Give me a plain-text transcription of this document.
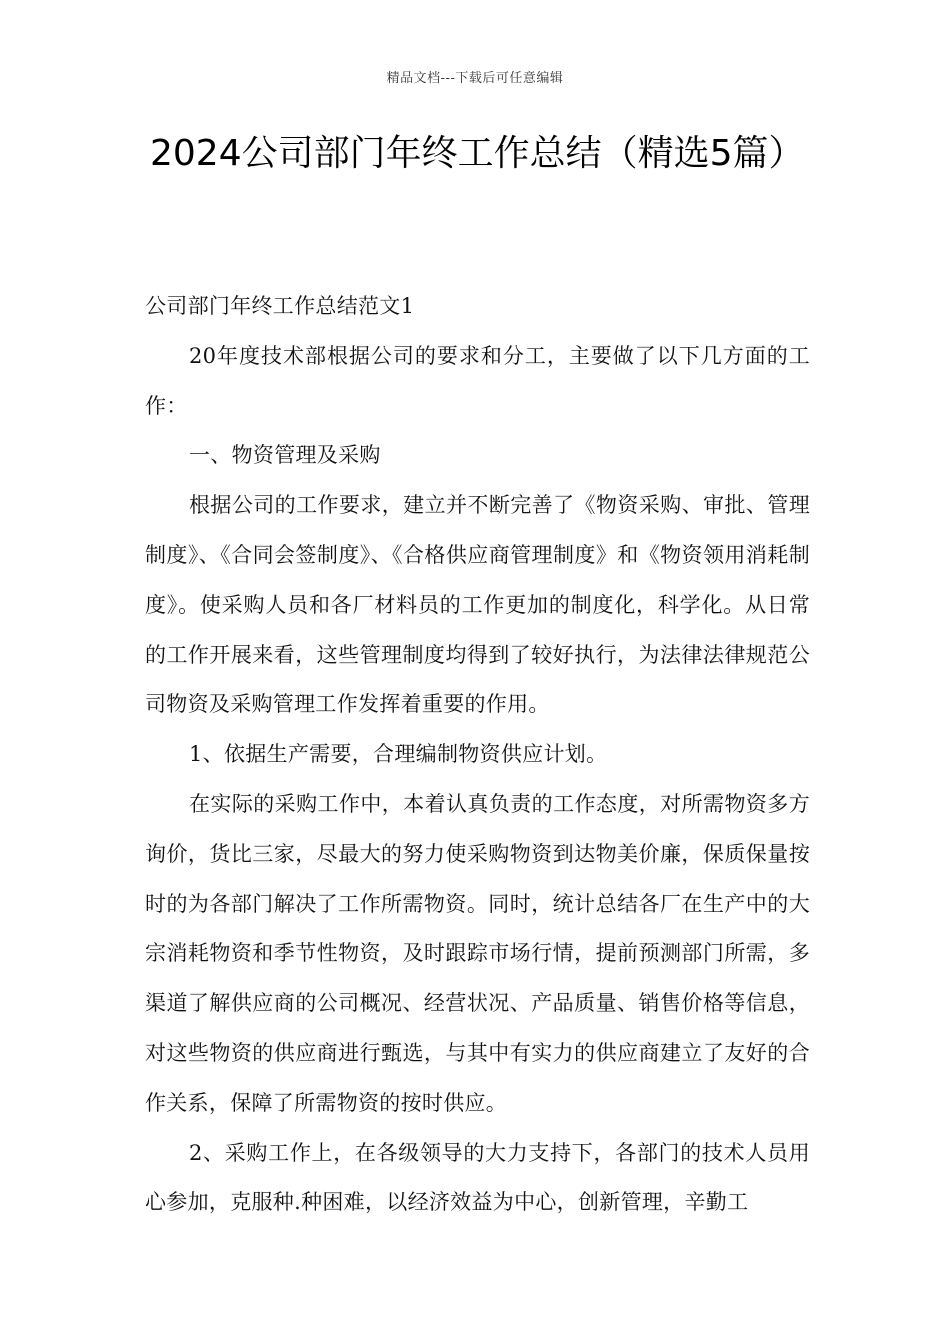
精品文档---下载后可任意编辑
2024公司部门年终工作总结（精选5篇）

公司部门年终工作总结范文1

20年度技术部根据公司的要求和分工，主要做了以下几方面的工作：

一、物资管理及采购

根据公司的工作要求，建立并不断完善了《物资采购、审批、管理制度》、《合同会签制度》、《合格供应商管理制度》和《物资领用消耗制度》。使采购人员和各厂材料员的工作更加的制度化，科学化。从日常的工作开展来看，这些管理制度均得到了较好执行，为法律法律规范公司物资及采购管理工作发挥着重要的作用。

1、依据生产需要，合理编制物资供应计划。

在实际的采购工作中，本着认真负责的工作态度，对所需物资多方询价，货比三家，尽最大的努力使采购物资到达物美价廉，保质保量按时的为各部门解决了工作所需物资。同时，统计总结各厂在生产中的大宗消耗物资和季节性物资，及时跟踪市场行情，提前预测部门所需，多渠道了解供应商的公司概况、经营状况、产品质量、销售价格等信息，对这些物资的供应商进行甄选，与其中有实力的供应商建立了友好的合作关系，保障了所需物资的按时供应。

2、采购工作上，在各级领导的大力支持下，各部门的技术人员用心参加，克服种.种困难，以经济效益为中心，创新管理，辛勤工
